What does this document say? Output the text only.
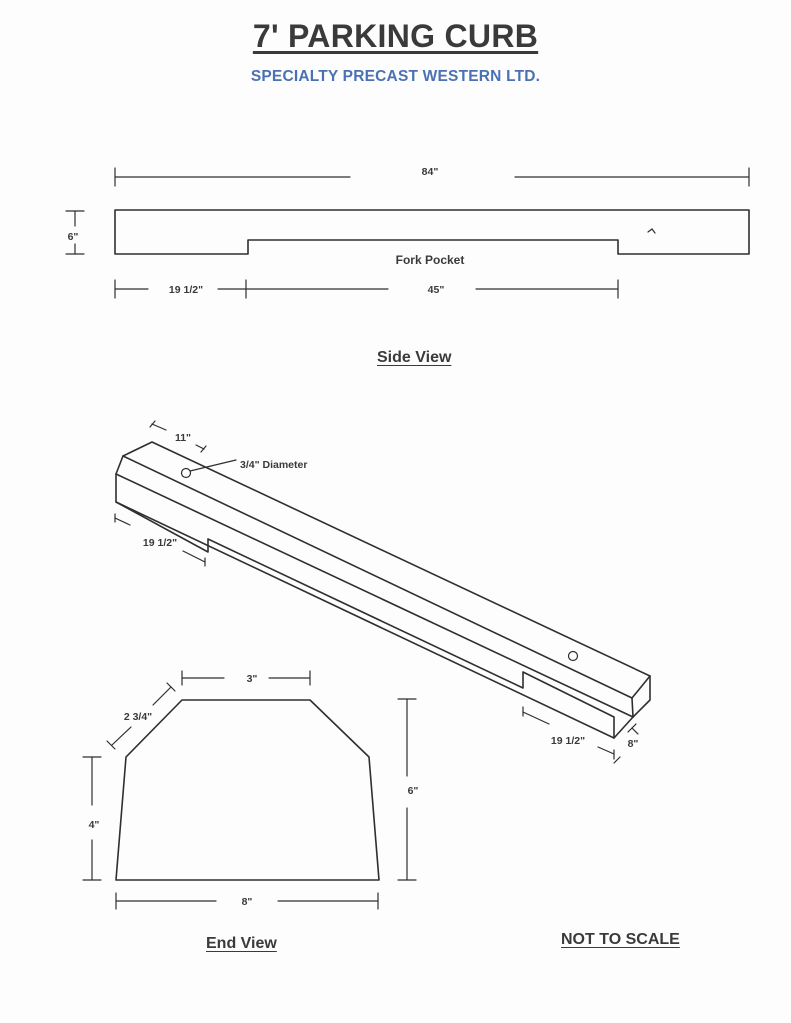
7' PARKING CURB
SPECIALTY PRECAST WESTERN LTD.
84"
6"
Fork Pocket
19 1/2"	45"
11"
3/4" Diameter
19 1/2"
19 1/2"	8"
3"
2 3/4"
4"
6"
8"
Side View
End View	NOT TO SCALE
